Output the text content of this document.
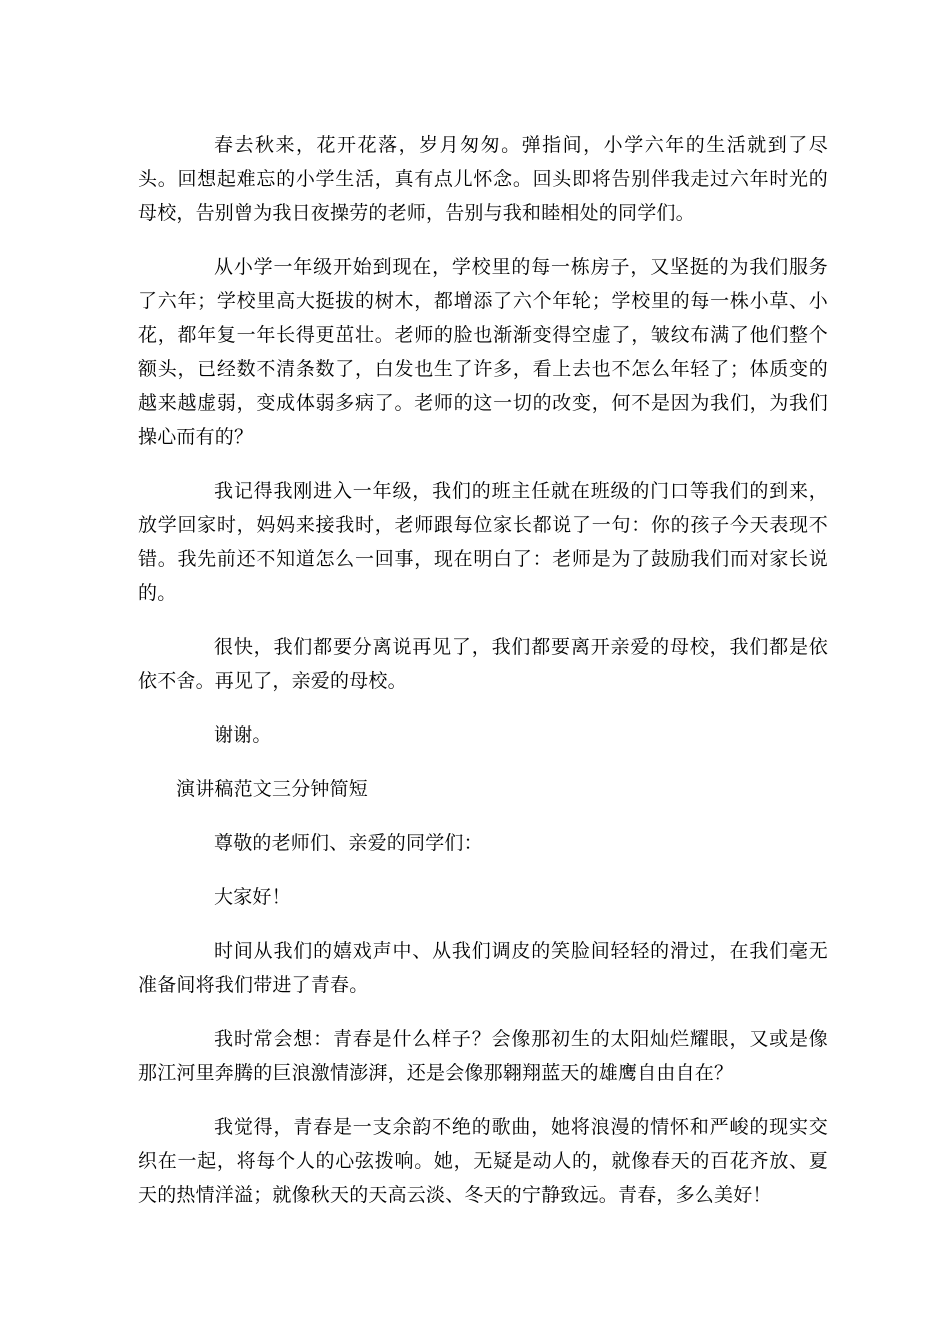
春去秋来，花开花落，岁月匆匆。弹指间，小学六年的生活就到了尽头。回想起难忘的小学生活，真有点儿怀念。回头即将告别伴我走过六年时光的母校，告别曾为我日夜操劳的老师，告别与我和睦相处的同学们。

从小学一年级开始到现在，学校里的每一栋房子，又坚挺的为我们服务了六年；学校里高大挺拔的树木，都增添了六个年轮；学校里的每一株小草、小花，都年复一年长得更茁壮。老师的脸也渐渐变得空虚了，皱纹布满了他们整个额头，已经数不清条数了，白发也生了许多，看上去也不怎么年轻了；体质变的越来越虚弱，变成体弱多病了。老师的这一切的改变，何不是因为我们，为我们操心而有的？

我记得我刚进入一年级，我们的班主任就在班级的门口等我们的到来，放学回家时，妈妈来接我时，老师跟每位家长都说了一句：你的孩子今天表现不错。我先前还不知道怎么一回事，现在明白了：老师是为了鼓励我们而对家长说的。

很快，我们都要分离说再见了，我们都要离开亲爱的母校，我们都是依依不舍。再见了，亲爱的母校。

谢谢。

演讲稿范文三分钟简短

尊敬的老师们、亲爱的同学们：

大家好！

时间从我们的嬉戏声中、从我们调皮的笑脸间轻轻的滑过，在我们毫无准备间将我们带进了青春。

我时常会想：青春是什么样子？会像那初生的太阳灿烂耀眼，又或是像那江河里奔腾的巨浪激情澎湃，还是会像那翱翔蓝天的雄鹰自由自在？

我觉得，青春是一支余韵不绝的歌曲，她将浪漫的情怀和严峻的现实交织在一起，将每个人的心弦拨响。她，无疑是动人的，就像春天的百花齐放、夏天的热情洋溢；就像秋天的天高云淡、冬天的宁静致远。青春，多么美好！
